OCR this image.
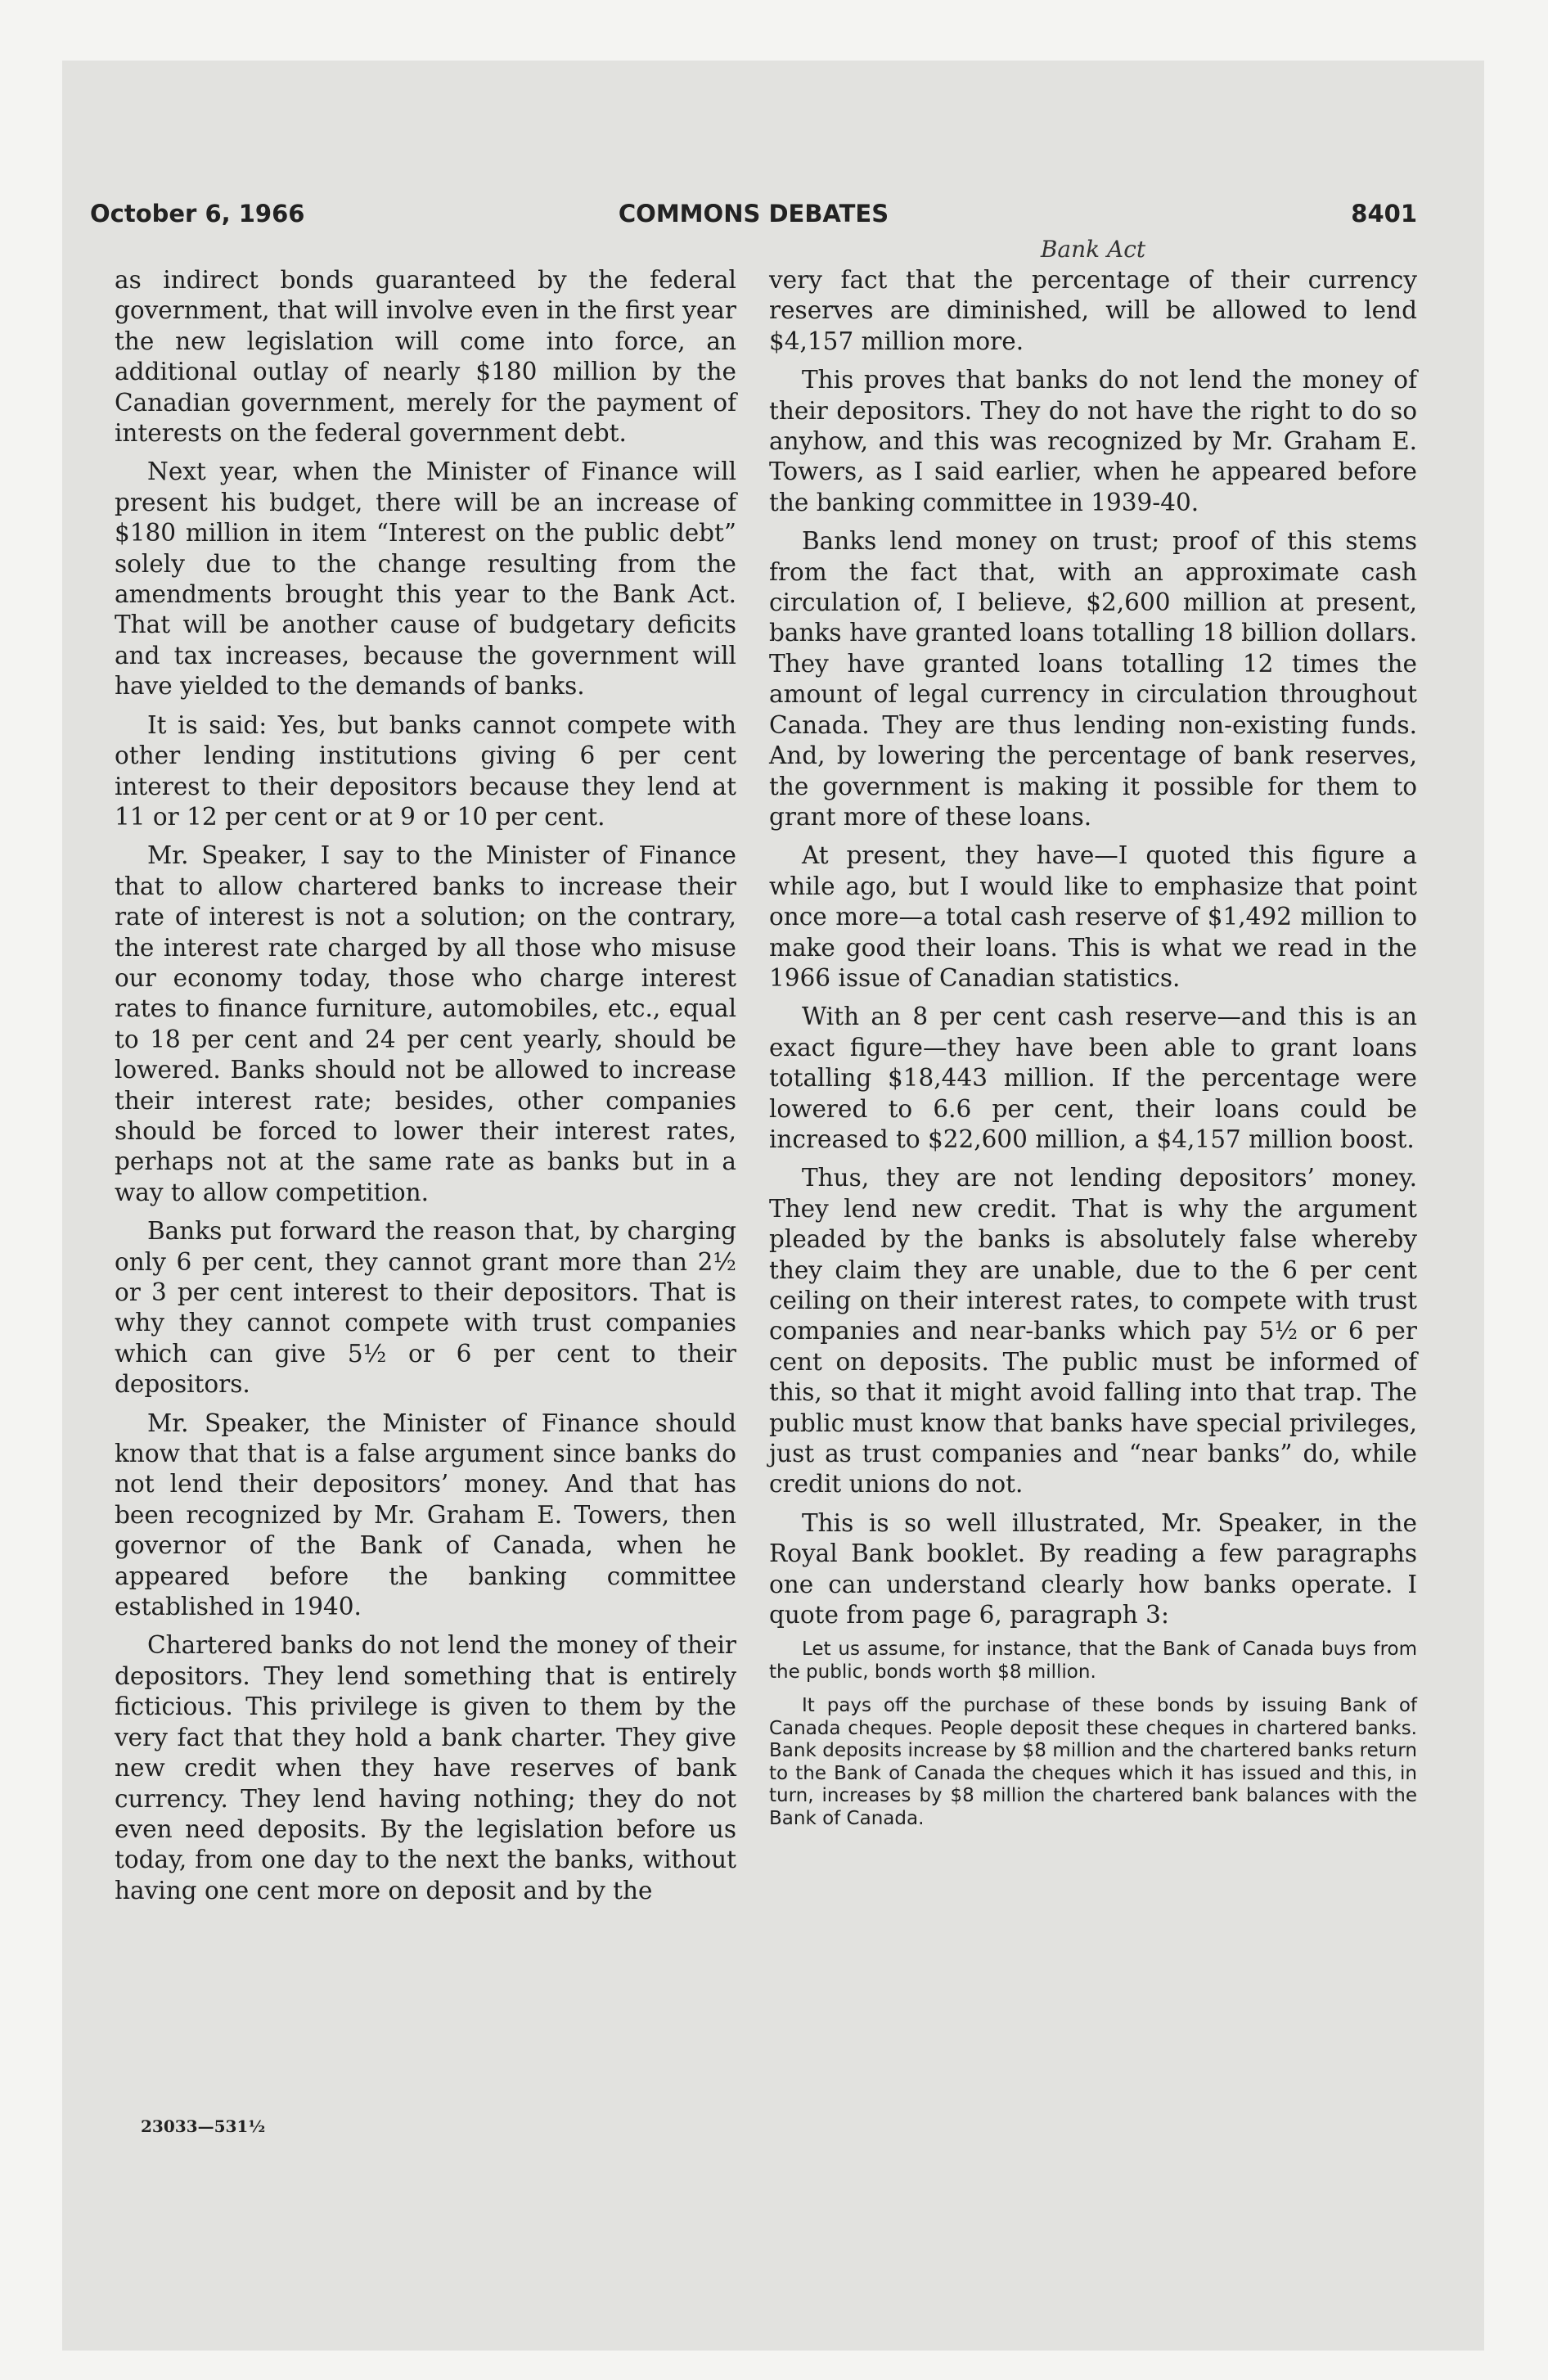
October 6, 1966	COMMONS DEBATES	8401
Bank Act

as indirect bonds guaranteed by the federal government, that will involve even in the first year the new legislation will come into force, an additional outlay of nearly $180 million by the Canadian government, merely for the payment of interests on the federal government debt.

Next year, when the Minister of Finance will present his budget, there will be an increase of $180 million in item “Interest on the public debt” solely due to the change resulting from the amendments brought this year to the Bank Act. That will be another cause of budgetary deficits and tax increases, because the government will have yielded to the demands of banks.

It is said: Yes, but banks cannot compete with other lending institutions giving 6 per cent interest to their depositors because they lend at 11 or 12 per cent or at 9 or 10 per cent.

Mr. Speaker, I say to the Minister of Finance that to allow chartered banks to increase their rate of interest is not a solution; on the contrary, the interest rate charged by all those who misuse our economy today, those who charge interest rates to finance furniture, automobiles, etc., equal to 18 per cent and 24 per cent yearly, should be lowered. Banks should not be allowed to increase their interest rate; besides, other companies should be forced to lower their interest rates, perhaps not at the same rate as banks but in a way to allow competition.

Banks put forward the reason that, by charging only 6 per cent, they cannot grant more than 2½ or 3 per cent interest to their depositors. That is why they cannot compete with trust companies which can give 5½ or 6 per cent to their depositors.

Mr. Speaker, the Minister of Finance should know that that is a false argument since banks do not lend their depositors’ money. And that has been recognized by Mr. Graham E. Towers, then governor of the Bank of Canada, when he appeared before the banking committee established in 1940.

Chartered banks do not lend the money of their depositors. They lend something that is entirely ficticious. This privilege is given to them by the very fact that they hold a bank charter. They give new credit when they have reserves of bank currency. They lend having nothing; they do not even need deposits. By the legislation before us today, from one day to the next the banks, without having one cent more on deposit and by the

very fact that the percentage of their currency reserves are diminished, will be allowed to lend $4,157 million more.

This proves that banks do not lend the money of their depositors. They do not have the right to do so anyhow, and this was recognized by Mr. Graham E. Towers, as I said earlier, when he appeared before the banking committee in 1939-40.

Banks lend money on trust; proof of this stems from the fact that, with an approximate cash circulation of, I believe, $2,600 million at present, banks have granted loans totalling 18 billion dollars. They have granted loans totalling 12 times the amount of legal currency in circulation throughout Canada. They are thus lending non-existing funds. And, by lowering the percentage of bank reserves, the government is making it possible for them to grant more of these loans.

At present, they have—I quoted this figure a while ago, but I would like to emphasize that point once more—a total cash reserve of $1,492 million to make good their loans. This is what we read in the 1966 issue of Canadian statistics.

With an 8 per cent cash reserve—and this is an exact figure—they have been able to grant loans totalling $18,443 million. If the percentage were lowered to 6.6 per cent, their loans could be increased to $22,600 million, a $4,157 million boost.

Thus, they are not lending depositors’ money. They lend new credit. That is why the argument pleaded by the banks is absolutely false whereby they claim they are unable, due to the 6 per cent ceiling on their interest rates, to compete with trust companies and near-banks which pay 5½ or 6 per cent on deposits. The public must be informed of this, so that it might avoid falling into that trap. The public must know that banks have special privileges, just as trust companies and “near banks” do, while credit unions do not.

This is so well illustrated, Mr. Speaker, in the Royal Bank booklet. By reading a few paragraphs one can understand clearly how banks operate. I quote from page 6, paragraph 3:

Let us assume, for instance, that the Bank of Canada buys from the public, bonds worth $8 million.

It pays off the purchase of these bonds by issuing Bank of Canada cheques. People deposit these cheques in chartered banks. Bank deposits increase by $8 million and the chartered banks return to the Bank of Canada the cheques which it has issued and this, in turn, increases by $8 million the chartered bank balances with the Bank of Canada.

23033—531½
